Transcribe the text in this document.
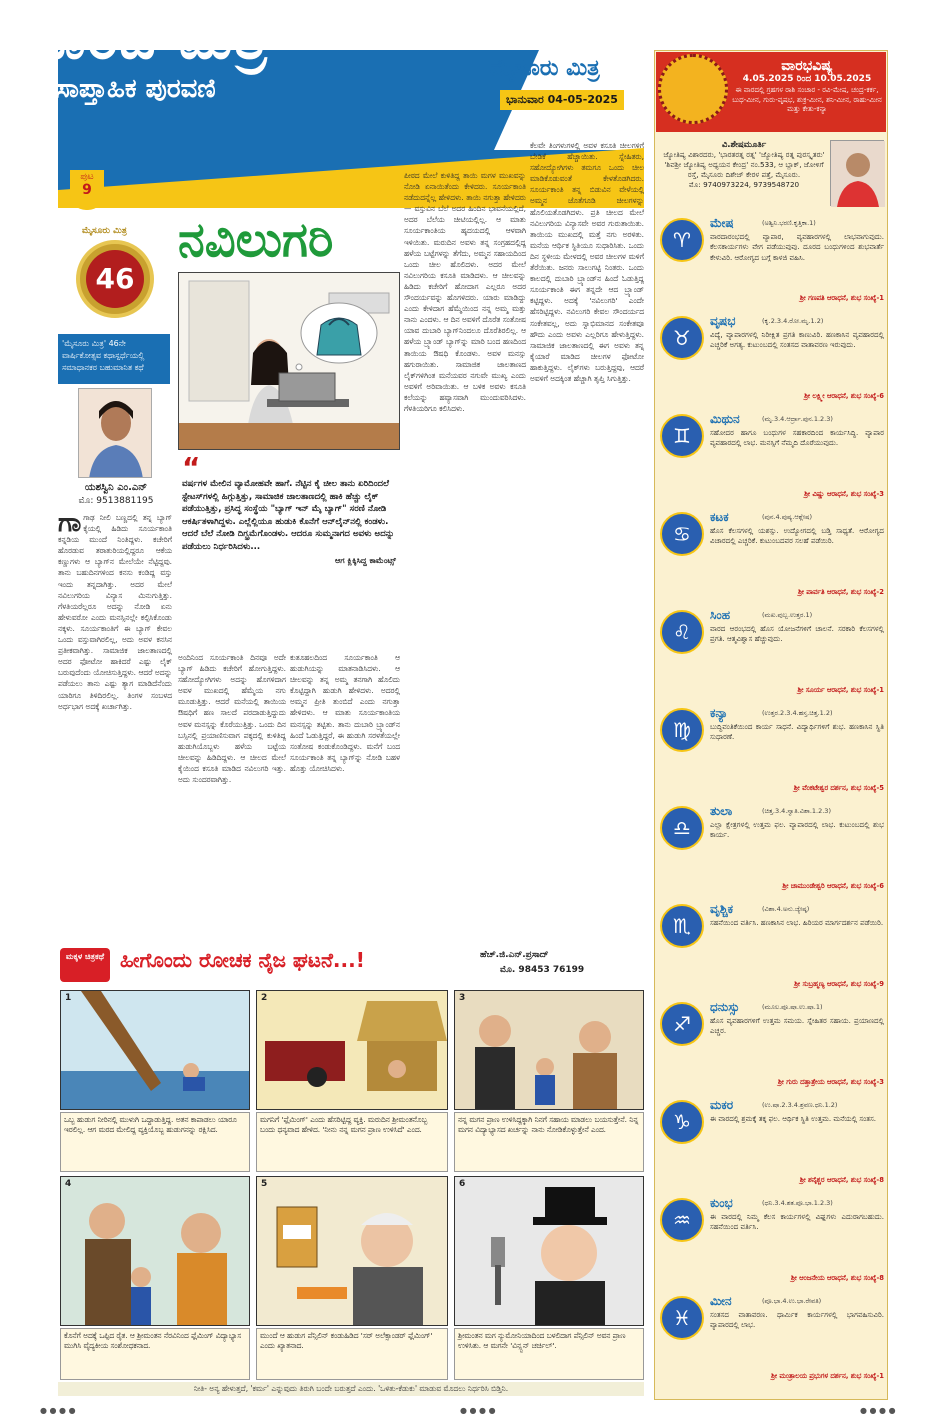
ವಾರದ ಮಿತ್ರ
ಸಾಪ್ತಾಹಿಕ ಪುರವಣಿ
ಮೈಸೂರು ಮಿತ್ರ
ಭಾನುವಾರ 04-05-2025
ಪುಟ
9
ನವಿಲುಗರಿ
ಮೈಸೂರು ಮಿತ್ರ
46
'ಮೈಸೂರು ಮಿತ್ರ' 46ನೇ ವಾರ್ಷಿಕೋತ್ಸವ ಕಥಾಸ್ಪರ್ಧೆಯಲ್ಲಿ ಸಮಾಧಾನಕರ ಬಹುಮಾನಿತ ಕಥೆ
ಯಶಸ್ವಿನಿ ಎಂ.ಎನ್
ಮೊ: 9513881195
“
ವರ್ಷಗಳ ಮೇಲಿನ ವ್ಯಾಮೋಹವೇ ಹಾಗೆ. ನೆಟ್ಟಿನ ಕೈ ಚೀಲ ತಾನು ಏರಿದಿಂದಲೆ ಸ್ಟೇಟಸ್‌ಗಳಲ್ಲಿ ಹಿಗ್ಗುತ್ತಿತ್ತು, ಸಾಮಾಜಿಕ ಜಾಲತಾಣದಲ್ಲಿ ಹಾಕಿ ಹೆಚ್ಚು ಲೈಕ್ ಪಡೆಯುತ್ತಿತ್ತು, ಪ್ರಸಿದ್ಧ ಸಂಸ್ಥೆಯ "ಬ್ಯಾಗ್ ಇನ್ ಮೈ ಬ್ಯಾಗ್" ಸರಣಿ ನೋಡಿ ಆಕರ್ಷಿತಳಾಗಿದ್ದಳು. ಎಲ್ಲೆಲ್ಲಿಯೂ ಹುಡುಕಿ ಕೊನೆಗೆ ಆನ್‌ಲೈನ್‌ನಲ್ಲಿ ಕಂಡಳು. ಆದರೆ ಬೆಲೆ ನೋಡಿ ದಿಗ್ಭ್ರಮೆಗೊಂಡಳು. ಆದರೂ ಸುಮ್ಮನಾಗದ ಅವಳು ಅದನ್ನು ಪಡೆಯಲು ನಿರ್ಧರಿಸಿದಳು...
ಆಗ ಕ್ಲಿಕ್ಕಿಸಿದ್ದ ಕಾಮೆಂಟ್ಸ್
ಗಾಗಾಢ ನೀಲಿ ಬಣ್ಣದಲ್ಲಿ ತನ್ನ ಬ್ಯಾಗ್ ಕೈಯಲ್ಲಿ ಹಿಡಿದು ಸೂರ್ಯಕಾಂತಿ ಕನ್ನಡಿಯ ಮುಂದೆ ನಿಂತಿದ್ದಳು. ಕಚೇರಿಗೆ ಹೊರಡುವ ತರಾತುರಿಯಲ್ಲಿದ್ದರೂ ಆಕೆಯ ಕಣ್ಣುಗಳು ಆ ಬ್ಯಾಗ್‌ನ ಮೇಲೆಯೇ ನೆಟ್ಟಿದ್ದವು. ತಾನು ಬಹುದಿನಗಳಿಂದ ಕನಸು ಕಂಡಿದ್ದ ವಸ್ತು ಇಂದು ತನ್ನದಾಗಿತ್ತು. ಅದರ ಮೇಲೆ ನವಿಲುಗರಿಯ ವಿನ್ಯಾಸ ಮಿನುಗುತ್ತಿತ್ತು. ಗೆಳತಿಯರೆಲ್ಲರೂ ಅದನ್ನು ನೋಡಿ ಏನು ಹೇಳುವರೋ ಎಂದು ಮನಸ್ಸಿನಲ್ಲೇ ಕಲ್ಪಿಸಿಕೊಂಡು ನಕ್ಕಳು. ಸೂರ್ಯಕಾಂತಿಗೆ ಈ ಬ್ಯಾಗ್ ಕೇವಲ ಒಂದು ವಸ್ತುವಾಗಿರಲಿಲ್ಲ, ಅದು ಅವಳ ಕನಸಿನ ಪ್ರತೀಕವಾಗಿತ್ತು. ಸಾಮಾಜಿಕ ಜಾಲತಾಣದಲ್ಲಿ ಅದರ ಫೋಟೋ ಹಾಕಿದರೆ ಎಷ್ಟು ಲೈಕ್ ಬರುವುದೆಂದು ಯೋಚಿಸುತ್ತಿದ್ದಳು. ಆದರೆ ಅದನ್ನು ಪಡೆಯಲು ತಾನು ಎಷ್ಟು ತ್ಯಾಗ ಮಾಡಿದೆನೆಂದು ಯಾರಿಗೂ ತಿಳಿದಿರಲಿಲ್ಲ. ತಿಂಗಳ ಸಂಬಳದ ಅರ್ಧಭಾಗ ಅದಕ್ಕೆ ಖರ್ಚಾಗಿತ್ತು.
ಅಂದಿನಿಂದ ಸೂರ್ಯಕಾಂತಿ ದಿನವೂ ಅದೇ ಬ್ಯಾಗ್ ಹಿಡಿದು ಕಚೇರಿಗೆ ಹೋಗುತ್ತಿದ್ದಳು. ಸಹೋದ್ಯೋಗಿಗಳು ಅದನ್ನು ಹೊಗಳಿದಾಗ ಅವಳ ಮುಖದಲ್ಲಿ ಹೆಮ್ಮೆಯ ನಗು ಮೂಡುತ್ತಿತ್ತು. ಆದರೆ ಮನೆಯಲ್ಲಿ ತಾಯಿಯ ಔಷಧಿಗೆ ಹಣ ಸಾಲದೆ ಪರದಾಡುತ್ತಿದ್ದುದು ಅವಳ ಮನಸ್ಸನ್ನು ಕೊರೆಯುತ್ತಿತ್ತು. ಒಂದು ದಿನ ಬಸ್ಸಿನಲ್ಲಿ ಪ್ರಯಾಣಿಸುವಾಗ ಪಕ್ಕದಲ್ಲಿ ಕುಳಿತಿದ್ದ ಹುಡುಗಿಯೊಬ್ಬಳು ಹಳೆಯ ಬಟ್ಟೆಯ ಚೀಲವನ್ನು ಹಿಡಿದಿದ್ದಳು. ಆ ಚೀಲದ ಮೇಲೆ ಕೈಯಿಂದ ಕಸೂತಿ ಮಾಡಿದ ನವಿಲುಗರಿ ಇತ್ತು. ಅದು ಸುಂದರವಾಗಿತ್ತು.
ಕುತೂಹಲದಿಂದ ಸೂರ್ಯಕಾಂತಿ ಆ ಹುಡುಗಿಯನ್ನು ಮಾತನಾಡಿಸಿದಳು. ಆ ಚೀಲವನ್ನು ತನ್ನ ಅಮ್ಮ ತನಗಾಗಿ ಹೊಲಿದು ಕೊಟ್ಟಿದ್ದಾಗಿ ಹುಡುಗಿ ಹೇಳಿದಳು. ಅದರಲ್ಲಿ ಅಮ್ಮನ ಪ್ರೀತಿ ತುಂಬಿದೆ ಎಂದು ನಗುತ್ತಾ ಹೇಳಿದಳು. ಆ ಮಾತು ಸೂರ್ಯಕಾಂತಿಯ ಮನಸ್ಸನ್ನು ತಟ್ಟಿತು. ತಾನು ದುಬಾರಿ ಬ್ರ್ಯಾಂಡ್‌ನ ಹಿಂದೆ ಓಡುತ್ತಿದ್ದರೆ, ಈ ಹುಡುಗಿ ಸರಳತೆಯಲ್ಲೇ ಸಂತೋಷ ಕಂಡುಕೊಂಡಿದ್ದಳು. ಮನೆಗೆ ಬಂದ ಸೂರ್ಯಕಾಂತಿ ತನ್ನ ಬ್ಯಾಗ್‌ನ್ನು ನೋಡಿ ಬಹಳ ಹೊತ್ತು ಯೋಚಿಸಿದಳು.
ಪೀಠದ ಮೇಲೆ ಕುಳಿತಿದ್ದ ತಾಯಿ ಮಗಳ ಮುಖವನ್ನು ನೋಡಿ ಏನಾಯಿತೆಂದು ಕೇಳಿದರು. ಸೂರ್ಯಕಾಂತಿ ನಡೆದುದನ್ನೆಲ್ಲ ಹೇಳಿದಳು. ತಾಯಿ ನಗುತ್ತಾ ಹೇಳಿದರು — ವಸ್ತುವಿನ ಬೆಲೆ ಅದರ ಹಿಂದಿನ ಭಾವನೆಯಲ್ಲಿದೆ, ಅದರ ಬೆಲೆಯ ಚೀಟಿಯಲ್ಲಿಲ್ಲ. ಆ ಮಾತು ಸೂರ್ಯಕಾಂತಿಯ ಹೃದಯದಲ್ಲಿ ಆಳವಾಗಿ ಇಳಿಯಿತು. ಮರುದಿನ ಅವಳು ತನ್ನ ಸಂಗ್ರಹದಲ್ಲಿದ್ದ ಹಳೆಯ ಬಟ್ಟೆಗಳನ್ನು ತೆಗೆದು, ಅಮ್ಮನ ಸಹಾಯದಿಂದ ಒಂದು ಚೀಲ ಹೊಲಿದಳು. ಅದರ ಮೇಲೆ ನವಿಲುಗರಿಯ ಕಸೂತಿ ಮಾಡಿದಳು. ಆ ಚೀಲವನ್ನು ಹಿಡಿದು ಕಚೇರಿಗೆ ಹೋದಾಗ ಎಲ್ಲರೂ ಅದರ ಸೌಂದರ್ಯವನ್ನು ಹೊಗಳಿದರು. ಯಾರು ಮಾಡಿದ್ದು ಎಂದು ಕೇಳಿದಾಗ ಹೆಮ್ಮೆಯಿಂದ ನನ್ನ ಅಮ್ಮ ಮತ್ತು ನಾನು ಎಂದಳು. ಆ ದಿನ ಅವಳಿಗೆ ದೊರೆತ ಸಂತೋಷ ಯಾವ ದುಬಾರಿ ಬ್ಯಾಗ್‌ನಿಂದಲೂ ದೊರೆತಿರಲಿಲ್ಲ. ಆ ಹಳೆಯ ಬ್ರ್ಯಾಂಡ್ ಬ್ಯಾಗ್‌ನ್ನು ಮಾರಿ ಬಂದ ಹಣದಿಂದ ತಾಯಿಯ ಔಷಧಿ ಕೊಂಡಳು. ಅವಳ ಮನಸ್ಸು ಹಗುರಾಯಿತು. ಸಾಮಾಜಿಕ ಜಾಲತಾಣದ ಲೈಕ್‌ಗಳಿಗಿಂತ ಮನೆಯವರ ನಗುವೇ ಮುಖ್ಯ ಎಂದು ಅವಳಿಗೆ ಅರಿವಾಯಿತು. ಆ ಬಳಿಕ ಅವಳು ಕಸೂತಿ ಕಲೆಯನ್ನು ಹವ್ಯಾಸವಾಗಿ ಮುಂದುವರಿಸಿದಳು. ಗೆಳತಿಯರಿಗೂ ಕಲಿಸಿದಳು.
ಕೆಲವೇ ತಿಂಗಳುಗಳಲ್ಲಿ ಅವಳ ಕಸೂತಿ ಚೀಲಗಳಿಗೆ ಬೇಡಿಕೆ ಹೆಚ್ಚಾಯಿತು. ಸ್ನೇಹಿತರು, ಸಹೋದ್ಯೋಗಿಗಳು ತಮಗೂ ಒಂದು ಚೀಲ ಮಾಡಿಕೊಡುವಂತೆ ಕೇಳತೊಡಗಿದರು. ಸೂರ್ಯಕಾಂತಿ ತನ್ನ ಬಿಡುವಿನ ವೇಳೆಯಲ್ಲಿ ಅಮ್ಮನ ಜೊತೆಗೂಡಿ ಚೀಲಗಳನ್ನು ಹೊಲಿಯತೊಡಗಿದಳು. ಪ್ರತಿ ಚೀಲದ ಮೇಲೆ ನವಿಲುಗರಿಯ ವಿನ್ಯಾಸವೇ ಅವರ ಗುರುತಾಯಿತು. ತಾಯಿಯ ಮುಖದಲ್ಲಿ ಮತ್ತೆ ನಗು ಅರಳಿತು. ಮನೆಯ ಆರ್ಥಿಕ ಸ್ಥಿತಿಯೂ ಸುಧಾರಿಸಿತು. ಒಂದು ದಿನ ಸ್ಥಳೀಯ ಮೇಳದಲ್ಲಿ ಅವರ ಚೀಲಗಳ ಮಳಿಗೆ ತೆರೆಯಿತು. ಜನರು ಸಾಲುಗಟ್ಟಿ ನಿಂತರು. ಒಂದು ಕಾಲದಲ್ಲಿ ದುಬಾರಿ ಬ್ರ್ಯಾಂಡ್‌ನ ಹಿಂದೆ ಓಡುತ್ತಿದ್ದ ಸೂರ್ಯಕಾಂತಿ ಈಗ ತನ್ನದೇ ಆದ ಬ್ರ್ಯಾಂಡ್ ಕಟ್ಟಿದ್ದಳು. ಅದಕ್ಕೆ 'ನವಿಲುಗರಿ' ಎಂದೇ ಹೆಸರಿಟ್ಟಿದ್ದಳು. ನವಿಲುಗರಿ ಕೇವಲ ಸೌಂದರ್ಯದ ಸಂಕೇತವಲ್ಲ, ಅದು ಸ್ವಾಭಿಮಾನದ ಸಂಕೇತವೂ ಹೌದು ಎಂದು ಅವಳು ಎಲ್ಲರಿಗೂ ಹೇಳುತ್ತಿದ್ದಳು. ಸಾಮಾಜಿಕ ಜಾಲತಾಣದಲ್ಲಿ ಈಗ ಅವಳು ತನ್ನ ಕೈಯಾರೆ ಮಾಡಿದ ಚೀಲಗಳ ಫೋಟೋ ಹಾಕುತ್ತಿದ್ದಳು. ಲೈಕ್‌ಗಳು ಬರುತ್ತಿದ್ದವು, ಆದರೆ ಅವಳಿಗೆ ಅದಕ್ಕಿಂತ ಹೆಚ್ಚಾಗಿ ತೃಪ್ತಿ ಸಿಗುತ್ತಿತ್ತು.
ಮಕ್ಕಳ ಚಿತ್ರಕಥೆ ಹೀಗೊಂದು ರೋಚಕ ನೈಜ ಘಟನೆ...!	ಹೆಚ್.ಜಿ.ಎನ್.ಪ್ರಸಾದ್
ಮೊ. 98453 76199
1
ಒಬ್ಬ ಹುಡುಗ ನೀರಿನಲ್ಲಿ ಮುಳುಗಿ ಒದ್ದಾಡುತ್ತಿದ್ದ. ಅತನ ಕಾಪಾಡಲು ಯಾರೂ ಇರಲಿಲ್ಲ. ಆಗ ಮರದ ಮೇಲಿದ್ದ ವ್ಯಕ್ತಿಯೊಬ್ಬ ಹುಡುಗನನ್ನು ರಕ್ಷಿಸಿದ.
2
ಮಗನಿಗೆ 'ಫ್ಲೆಮಿಂಗ್' ಎಂದು ಹೆಸರಿಟ್ಟಿದ್ದ ವ್ಯಕ್ತಿ. ಮರುದಿನ ಶ್ರೀಮಂತನೊಬ್ಬ ಬಂದು ಧನ್ಯವಾದ ಹೇಳಿದ. 'ನೀನು ನನ್ನ ಮಗನ ಪ್ರಾಣ ಉಳಿಸಿದೆ' ಎಂದ.
3
ನನ್ನ ಮಗನ ಪ್ರಾಣ ಉಳಿಸಿದ್ದಕ್ಕಾಗಿ ನಿನಗೆ ಸಹಾಯ ಮಾಡಲು ಬಯಸುತ್ತೇನೆ. ನಿನ್ನ ಮಗನ ವಿದ್ಯಾಭ್ಯಾಸದ ಖರ್ಚನ್ನು ನಾನು ನೋಡಿಕೊಳ್ಳುತ್ತೇನೆ ಎಂದ.
4
ಕೊನೆಗೆ ಅದಕ್ಕೆ ಒಪ್ಪಿದ ರೈತ. ಆ ಶ್ರೀಮಂತನ ನೆರವಿನಿಂದ ಫ್ಲೆಮಿಂಗ್ ವಿದ್ಯಾಭ್ಯಾಸ ಮುಗಿಸಿ ವೈದ್ಯಕೀಯ ಸಂಶೋಧಕನಾದ.
5
ಮುಂದೆ ಆ ಹುಡುಗ ಪೆನ್ಸಿಲಿನ್ ಕಂಡುಹಿಡಿದ 'ಸರ್ ಅಲೆಕ್ಸಾಂಡರ್ ಫ್ಲೆಮಿಂಗ್' ಎಂದು ಖ್ಯಾತನಾದ.
6
ಶ್ರೀಮಂತನ ಮಗ ನ್ಯುಮೋನಿಯಾದಿಂದ ಬಳಲಿದಾಗ ಪೆನ್ಸಿಲಿನ್ ಅವನ ಪ್ರಾಣ ಉಳಿಸಿತು. ಆ ಮಗನೇ 'ವಿನ್ಸ್ಟನ್ ಚರ್ಚಿಲ್'.
ನೀತಿ- ಅನ್ಯ ಹೇಳುತ್ತದೆ, 'ಕರ್ಮ' ಎನ್ನುವುದು ತಿರುಗಿ ಬಂದೇ ಬರುತ್ತದೆ ಎಂದು. 'ಒಳಿತು-ಕೆಡುಕು' ಮಾಡುವ ಮೊದಲು ನಿರ್ಧರಿಸಿ ಬಿಡ್ತಿನಿ.
ವಾರಭವಿಷ್ಯ
4.05.2025 ರಿಂದ 10.05.2025
ಈ ವಾರದಲ್ಲಿ ಗ್ರಹಗಳ ರಾಶಿ ಸಂಚಾರ - ರವಿ-ಮೇಷ, ಚಂದ್ರ-ಕರ್ಕ, ಬುಧ-ಮೀನ, ಗುರು-ವೃಷಭ, ಶುಕ್ರ-ಮೀನ, ಶನಿ-ಮೀನ, ರಾಹು-ಮೀನ ಮತ್ತು ಕೇತು-ಕನ್ಯಾ
ವಿ.ಶೇಷಮೂರ್ತಿ
ಜ್ಯೋತಿಷ್ಯ ವಿಶಾರದರು, 'ಭಾರತರತ್ನ ರತ್ನ' 'ಜ್ಯೋತಿಷ್ಯ ರತ್ನ ಪುರಸ್ಕೃತರು' 'ಶಿವಶ್ರೀ ಜ್ಯೋತಿಷ್ಯ ಅಧ್ಯಯನ ಕೇಂದ್ರ' ನಂ.533, ಆ ಬ್ಲಾಕ್, ಜೋಳಿಗೆ ರಸ್ತೆ, ಮೈಸೂರು ದಿಶೇಜ್ ಕೇರಳ ಪತ್ತೆ, ಮೈಸೂರು.
ಮೊ: 9740973224, 9739548720
♈
ಮೇಷ	(ಅಶ್ವಿನಿ.ಭರಣಿ.ಕೃತ್ತಿಕಾ.1)
ವಾರದಾರಂಭದಲ್ಲಿ ವ್ಯಾಪಾರ, ವ್ಯವಹಾರಗಳಲ್ಲಿ ಲಾಭವಾಗುವುದು. ಕೆಲಸಕಾರ್ಯಗಳು ವೇಗ ಪಡೆಯುವುವು. ದೂರದ ಬಂಧುಗಳಿಂದ ಶುಭವಾರ್ತೆ ಕೇಳುವಿರಿ. ಆರೋಗ್ಯದ ಬಗ್ಗೆ ಕಾಳಜಿ ವಹಿಸಿ.
ಶ್ರೀ ಗಣಪತಿ ಆರಾಧನೆ, ಶುಭ ಸಂಖ್ಯೆ-1
♉
ವೃಷಭ	(ಕೃ.2.3.4.ರೋ.ಮೃ.1.2)
ವಿದ್ಯೆ, ವ್ಯಾಪಾರಗಳಲ್ಲಿ ನಿರೀಕ್ಷಿತ ಪ್ರಗತಿ ಕಾಣುವಿರಿ. ಹಣಕಾಸಿನ ವ್ಯವಹಾರದಲ್ಲಿ ಎಚ್ಚರಿಕೆ ಅಗತ್ಯ. ಕುಟುಂಬದಲ್ಲಿ ಸಂತಸದ ವಾತಾವರಣ ಇರುವುದು.
ಶ್ರೀ ಲಕ್ಷ್ಮೀ ಆರಾಧನೆ, ಶುಭ ಸಂಖ್ಯೆ-6
♊
ಮಿಥುನ	(ಮೃ.3.4.ಆರ್ದ್ರಾ.ಪುನ.1.2.3)
ಸಹೋದರ ಹಾಗೂ ಬಂಧುಗಳ ಸಹಕಾರದಿಂದ ಕಾರ್ಯಸಿದ್ಧಿ. ವ್ಯಾಪಾರ ವ್ಯವಹಾರದಲ್ಲಿ ಲಾಭ. ಮನಸ್ಸಿಗೆ ನೆಮ್ಮದಿ ದೊರೆಯುವುದು.
ಶ್ರೀ ವಿಷ್ಣು ಆರಾಧನೆ, ಶುಭ ಸಂಖ್ಯೆ-3
♋
ಕಟಕ	(ಪುನ.4.ಪುಷ್ಯ.ಆಶ್ಲೇಷ)
ಹೊಸ ಕೆಲಸಗಳಲ್ಲಿ ಯಶಸ್ಸು. ಉದ್ಯೋಗದಲ್ಲಿ ಬಡ್ತಿ ಸಾಧ್ಯತೆ. ಆರೋಗ್ಯದ ವಿಚಾರದಲ್ಲಿ ಎಚ್ಚರಿಕೆ. ಕುಟುಂಬದವರ ಸಲಹೆ ಪಡೆಯಿರಿ.
ಶ್ರೀ ಪಾರ್ವತಿ ಆರಾಧನೆ, ಶುಭ ಸಂಖ್ಯೆ-2
♌
ಸಿಂಹ	(ಮಖ.ಪುಬ್ಬ.ಉತ್ತರ.1)
ವಾರದ ಆರಂಭದಲ್ಲಿ ಹೊಸ ಯೋಜನೆಗಳಿಗೆ ಚಾಲನೆ. ಸರಕಾರಿ ಕೆಲಸಗಳಲ್ಲಿ ಪ್ರಗತಿ. ಆತ್ಮವಿಶ್ವಾಸ ಹೆಚ್ಚುವುದು.
ಶ್ರೀ ಸೂರ್ಯ ಆರಾಧನೆ, ಶುಭ ಸಂಖ್ಯೆ-1
♍
ಕನ್ಯಾ	(ಉತ್ತರ.2.3.4.ಹಸ್ತ.ಚಿತ್ತ.1.2)
ಬುದ್ಧಿವಂತಿಕೆಯಿಂದ ಕಾರ್ಯ ಸಾಧನೆ. ವಿದ್ಯಾರ್ಥಿಗಳಿಗೆ ಶುಭ. ಹಣಕಾಸಿನ ಸ್ಥಿತಿ ಸುಧಾರಣೆ.
ಶ್ರೀ ವೆಂಕಟೇಶ್ವರ ದರ್ಶನ, ಶುಭ ಸಂಖ್ಯೆ-5
♎
ತುಲಾ	(ಚಿತ್ತ.3.4.ಸ್ವಾತಿ.ವಿಶಾ.1.2.3)
ಎಲ್ಲಾ ಕ್ಷೇತ್ರಗಳಲ್ಲಿ ಉತ್ತಮ ಫಲ. ವ್ಯಾಪಾರದಲ್ಲಿ ಲಾಭ. ಕುಟುಂಬದಲ್ಲಿ ಶುಭ ಕಾರ್ಯ.
ಶ್ರೀ ಚಾಮುಂಡೇಶ್ವರಿ ಆರಾಧನೆ, ಶುಭ ಸಂಖ್ಯೆ-6
♏
ವೃಶ್ಚಿಕ	(ವಿಶಾ.4.ಅನು.ಜ್ಯೇಷ್ಠ)
ಸಹನೆಯಿಂದ ವರ್ತಿಸಿ. ಹಣಕಾಸಿನ ಲಾಭ. ಹಿರಿಯರ ಮಾರ್ಗದರ್ಶನ ಪಡೆಯಿರಿ.
ಶ್ರೀ ಸುಬ್ರಹ್ಮಣ್ಯ ಆರಾಧನೆ, ಶುಭ ಸಂಖ್ಯೆ-9
♐
ಧನುಸ್ಸು	(ಮೂಲ.ಪೂ.ಷಾ.ಉ.ಷಾ.1)
ಹೊಸ ವ್ಯವಹಾರಗಳಿಗೆ ಉತ್ತಮ ಸಮಯ. ಸ್ನೇಹಿತರ ಸಹಾಯ. ಪ್ರಯಾಣದಲ್ಲಿ ಎಚ್ಚರ.
ಶ್ರೀ ಗುರು ದತ್ತಾತ್ರೇಯ ಆರಾಧನೆ, ಶುಭ ಸಂಖ್ಯೆ-3
♑
ಮಕರ	(ಉ.ಷಾ.2.3.4.ಶ್ರವಣ.ಧನಿ.1.2)
ಈ ವಾರದಲ್ಲಿ ಶ್ರಮಕ್ಕೆ ತಕ್ಕ ಫಲ. ಆರ್ಥಿಕ ಸ್ಥಿತಿ ಉತ್ತಮ. ಮನೆಯಲ್ಲಿ ಸಂತಸ.
ಶ್ರೀ ಶನೈಶ್ಚರ ಆರಾಧನೆ, ಶುಭ ಸಂಖ್ಯೆ-8
♒
ಕುಂಭ	(ಧನಿ.3.4.ಶತ.ಪೂ.ಭಾ.1.2.3)
ಈ ವಾರದಲ್ಲಿ ನಿಮ್ಮ ಕೆಲಸ ಕಾರ್ಯಗಳಲ್ಲಿ ವಿಘ್ನಗಳು ಎದುರಾಗಬಹುದು. ಸಹನೆಯಿಂದ ವರ್ತಿಸಿ.
ಶ್ರೀ ಆಂಜನೇಯ ಆರಾಧನೆ, ಶುಭ ಸಂಖ್ಯೆ-8
♓
ಮೀನ	(ಪೂ.ಭಾ.4.ಉ.ಭಾ.ರೇವತಿ)
ಸಂತಸದ ವಾತಾವರಣ. ಧಾರ್ಮಿಕ ಕಾರ್ಯಗಳಲ್ಲಿ ಭಾಗವಹಿಸುವಿರಿ. ವ್ಯಾಪಾರದಲ್ಲಿ ಲಾಭ.
ಶ್ರೀ ಮಂತ್ರಾಲಯ ಪ್ರಭುಗಳ ದರ್ಶನ, ಶುಭ ಸಂಖ್ಯೆ-1
● ● ● ●	● ● ● ●	● ● ● ●
